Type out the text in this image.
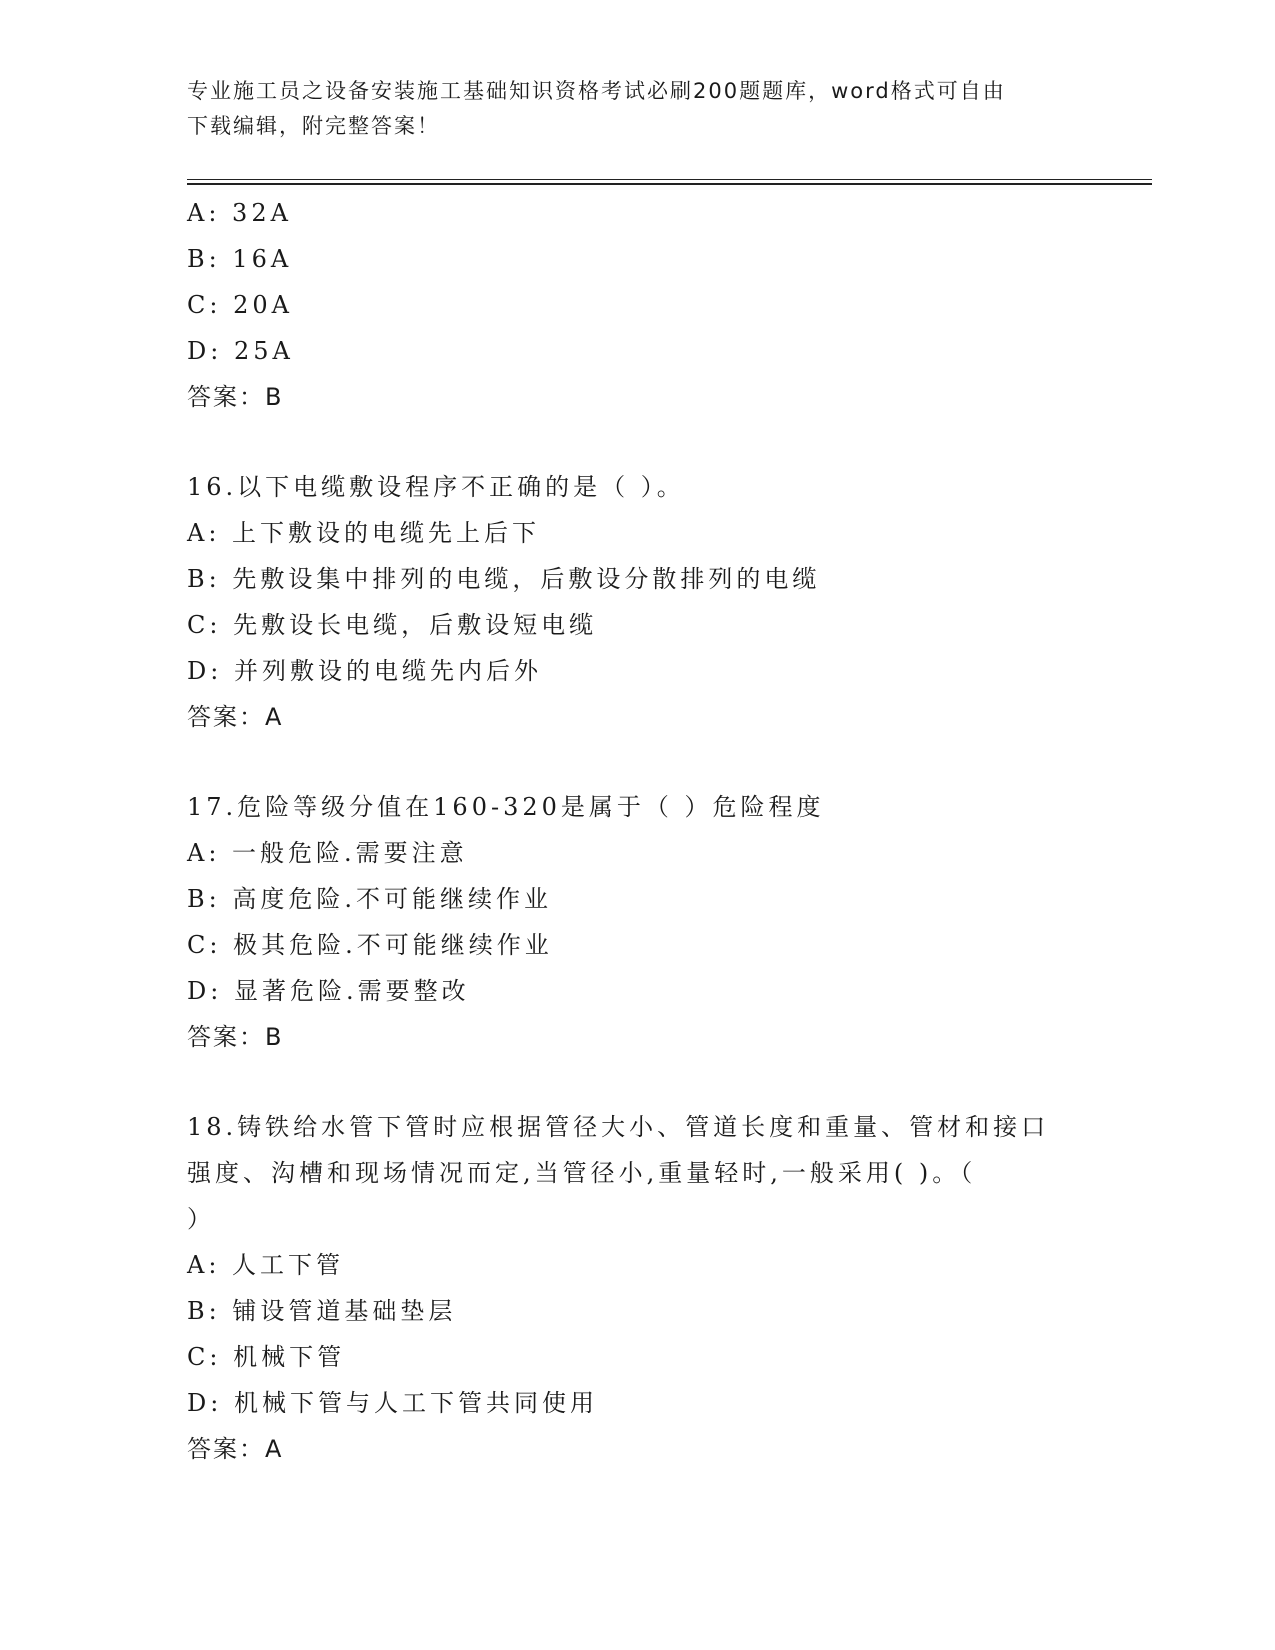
专业施工员之设备安装施工基础知识资格考试必刷200题题库，word格式可自由
下载编辑，附完整答案！
A: 32A
B: 16A
C: 20A
D: 25A
答案：B
16.以下电缆敷设程序不正确的是（ ）。
A: 上下敷设的电缆先上后下
B: 先敷设集中排列的电缆，后敷设分散排列的电缆
C: 先敷设长电缆，后敷设短电缆
D: 并列敷设的电缆先内后外
答案：A
17.危险等级分值在160-320是属于（ ）危险程度
A: 一般危险.需要注意
B: 高度危险.不可能继续作业
C: 极其危险.不可能继续作业
D: 显著危险.需要整改
答案：B
18.铸铁给水管下管时应根据管径大小、管道长度和重量、管材和接口
强度、沟槽和现场情况而定,当管径小,重量轻时,一般采用( )。（
）
A: 人工下管
B: 铺设管道基础垫层
C: 机械下管
D: 机械下管与人工下管共同使用
答案：A
